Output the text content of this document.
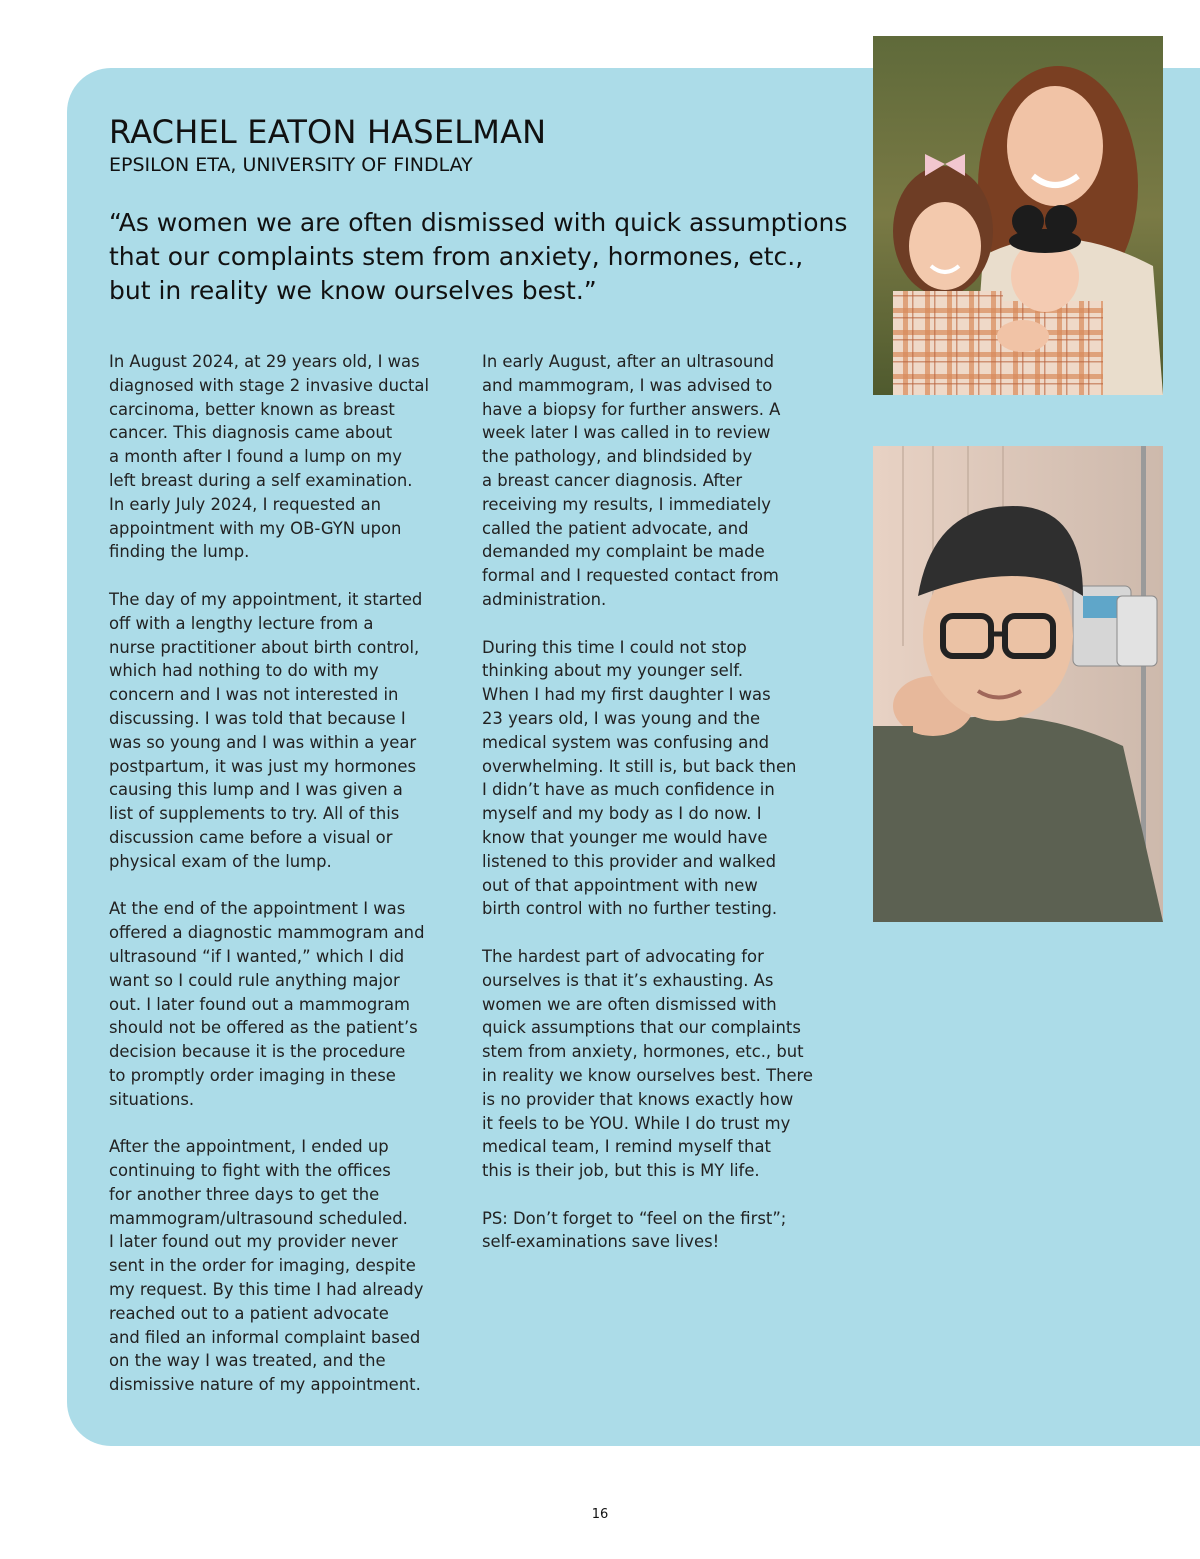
RACHEL EATON HASELMAN
EPSILON ETA, UNIVERSITY OF FINDLAY

“As women we are often dismissed with quick assumptions that our complaints stem from anxiety, hormones, etc., but in reality we know ourselves best.”

In August 2024, at 29 years old, I was
diagnosed with stage 2 invasive ductal
carcinoma, better known as breast
cancer. This diagnosis came about
a month after I found a lump on my
left breast during a self examination.
In early July 2024, I requested an
appointment with my OB-GYN upon
finding the lump.

The day of my appointment, it started
off with a lengthy lecture from a
nurse practitioner about birth control,
which had nothing to do with my
concern and I was not interested in
discussing. I was told that because I
was so young and I was within a year
postpartum, it was just my hormones
causing this lump and I was given a
list of supplements to try. All of this
discussion came before a visual or
physical exam of the lump.

At the end of the appointment I was
offered a diagnostic mammogram and
ultrasound “if I wanted,” which I did
want so I could rule anything major
out. I later found out a mammogram
should not be offered as the patient’s
decision because it is the procedure
to promptly order imaging in these
situations.

After the appointment, I ended up
continuing to fight with the offices
for another three days to get the
mammogram/ultrasound scheduled.
I later found out my provider never
sent in the order for imaging, despite
my request. By this time I had already
reached out to a patient advocate
and filed an informal complaint based
on the way I was treated, and the
dismissive nature of my appointment.

In early August, after an ultrasound
and mammogram, I was advised to
have a biopsy for further answers. A
week later I was called in to review
the pathology, and blindsided by
a breast cancer diagnosis. After
receiving my results, I immediately
called the patient advocate, and
demanded my complaint be made
formal and I requested contact from
administration.

During this time I could not stop
thinking about my younger self.
When I had my first daughter I was
23 years old, I was young and the
medical system was confusing and
overwhelming. It still is, but back then
I didn’t have as much confidence in
myself and my body as I do now. I
know that younger me would have
listened to this provider and walked
out of that appointment with new
birth control with no further testing.

The hardest part of advocating for
ourselves is that it’s exhausting. As
women we are often dismissed with
quick assumptions that our complaints
stem from anxiety, hormones, etc., but
in reality we know ourselves best. There
is no provider that knows exactly how
it feels to be YOU. While I do trust my
medical team, I remind myself that
this is their job, but this is MY life.

PS: Don’t forget to “feel on the first”;
self-examinations save lives!

16
